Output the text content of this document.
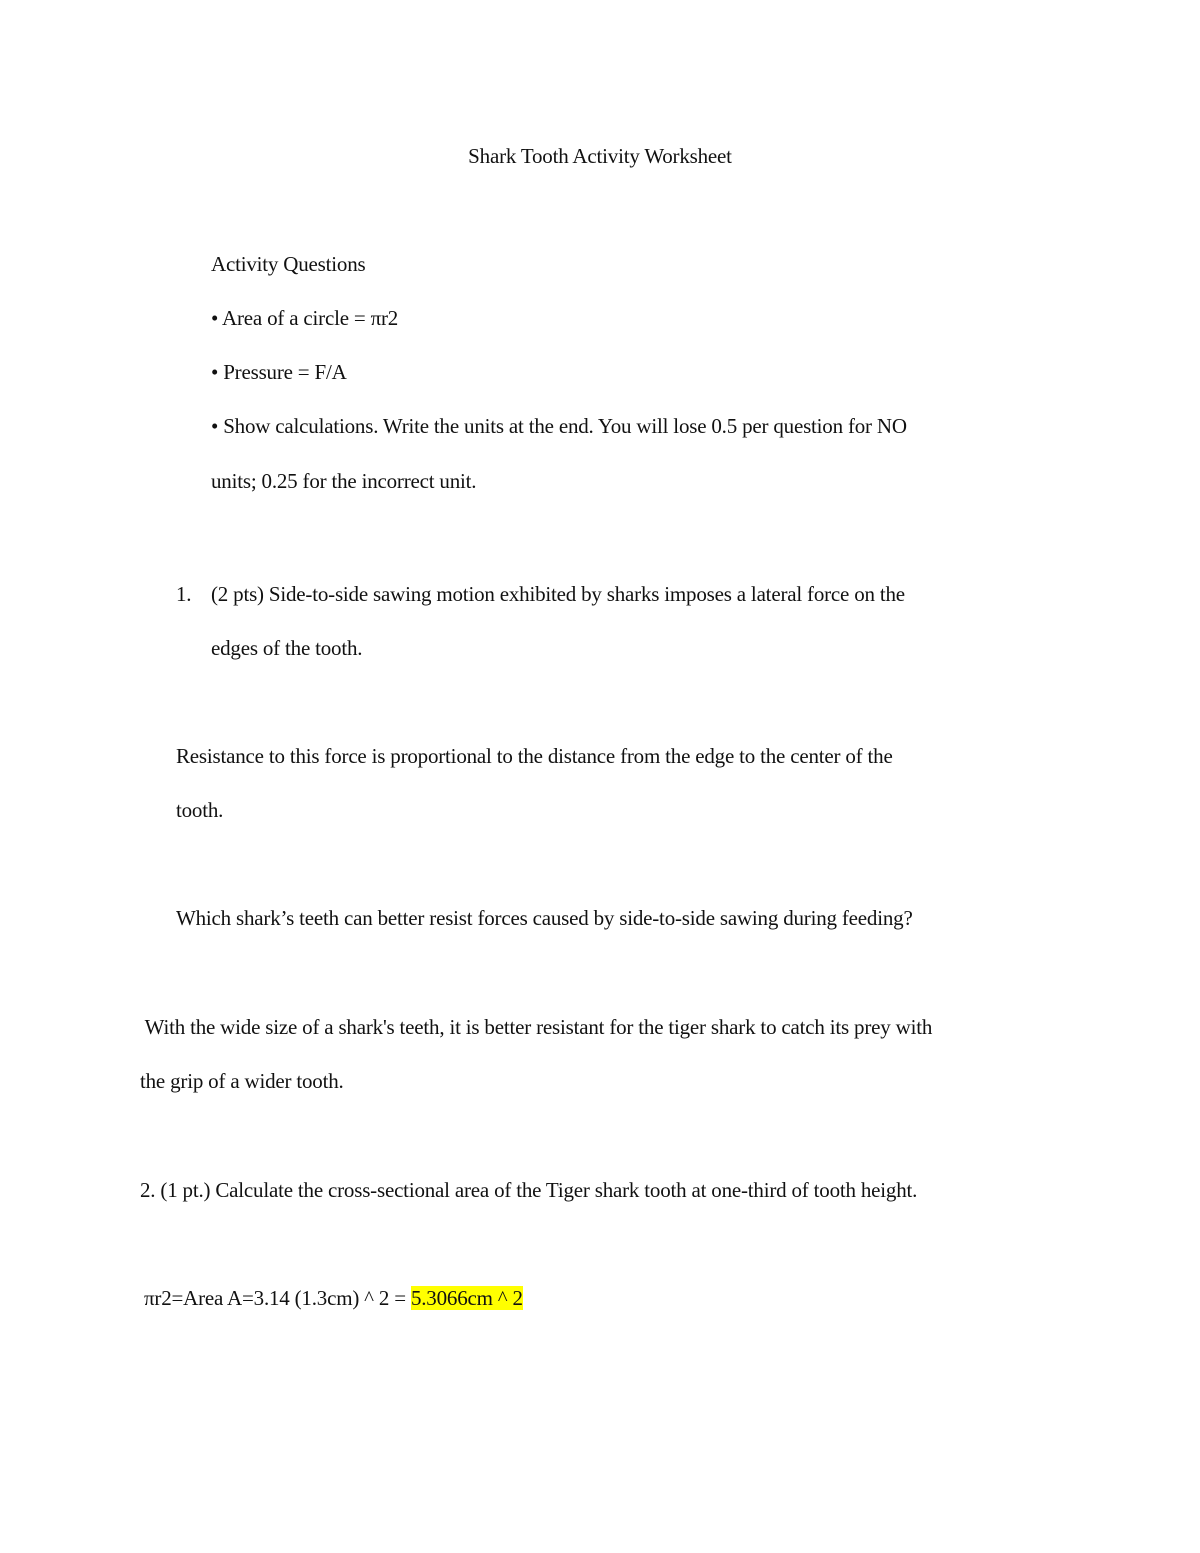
Shark Tooth Activity Worksheet
Activity Questions
• Area of a circle = πr2
• Pressure = F/A
• Show calculations. Write the units at the end. You will lose 0.5 per question for NO
units; 0.25 for the incorrect unit.
1. (2 pts) Side-to-side sawing motion exhibited by sharks imposes a lateral force on the
edges of the tooth.
Resistance to this force is proportional to the distance from the edge to the center of the
tooth.
Which shark’s teeth can better resist forces caused by side-to-side sawing during feeding?
With the wide size of a shark's teeth, it is better resistant for the tiger shark to catch its prey with
the grip of a wider tooth.
2. (1 pt.) Calculate the cross-sectional area of the Tiger shark tooth at one-third of tooth height.
πr2=Area A=3.14 (1.3cm) ^ 2 = 5.3066cm ^ 2
